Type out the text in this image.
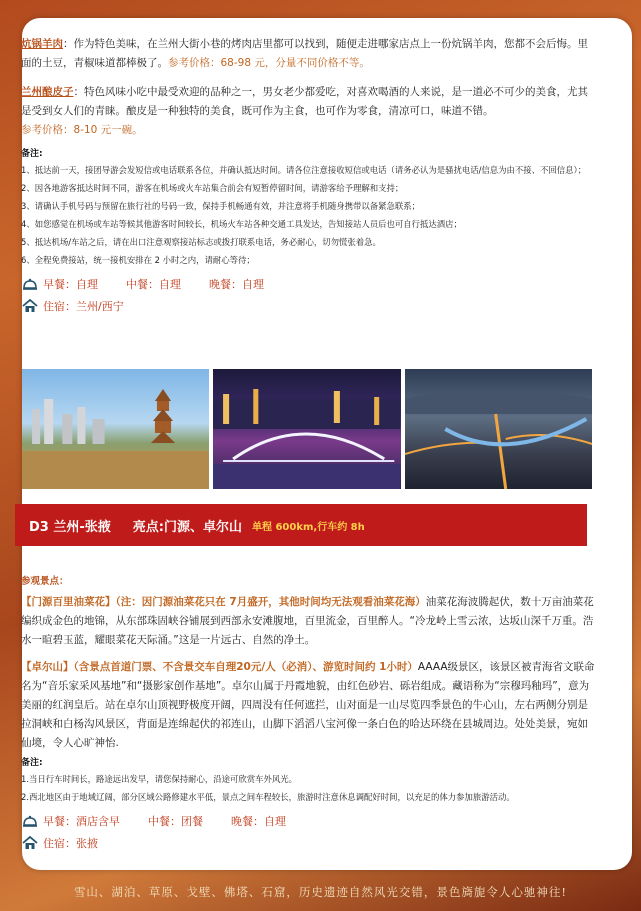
炕锅羊肉：作为特色美味，在兰州大街小巷的烤肉店里都可以找到，随便走进哪家店点上一份炕锅羊肉，您都不会后悔。里面的土豆，青椒味道都棒极了。参考价格：68-98 元，分量不同价格不等。

兰州酿皮子：特色风味小吃中最受欢迎的品种之一，男女老少都爱吃，对喜欢喝酒的人来说，是一道必不可少的美食，尤其是受到女人们的青睐。酿皮是一种独特的美食，既可作为主食，也可作为零食，清凉可口，味道不错。
参考价格：8-10 元一碗。

备注:
1、抵达前一天，接团导游会发短信或电话联系各位，并确认抵达时间。请各位注意接收短信或电话（请务必认为是骚扰电话/信息为由不接、不回信息）；
2、因各地游客抵达时间不同，游客在机场或火车站集合前会有短暂停留时间，请游客给予理解和支持；
3、请确认手机号码与预留在旅行社的号码一致，保持手机畅通有效，并注意将手机随身携带以备紧急联系；
4、如您感觉在机场或车站等候其他游客时间较长，机场火车站各种交通工具发达，告知接站人员后也可自行抵达酒店；
5、抵达机场/车站之后，请在出口注意观察接站标志或拨打联系电话，务必耐心，切勿慌张着急。
6、全程免费接站，统一接机安排在 2 小时之内，请耐心等待；
早餐：自理	中餐：自理	晚餐：自理
住宿：兰州/西宁
D3 兰州-张掖 亮点:门源、卓尔山 单程 600km,行车约 8h
参观景点：

【门源百里油菜花】（注：因门源油菜花只在 7月盛开，其他时间均无法观看油菜花海）油菜花海波腾起伏，数十万亩油菜花编织成金色的地锦，从东部珠固峡谷铺展到西部永安滩腹地，百里流金，百里醉人。“冷龙岭上雪云浓，达坂山深千万重。浩水一暄碧玉蓝，耀眼菜花天际涌。”这是一片远古、自然的净土。

【卓尔山】（含景点首道门票、不含景交车自理20元/人（必消）、游览时间约 1小时）AAAA级景区，该景区被青海省文联命名为“音乐家采风基地”和“摄影家创作基地”。卓尔山属于丹霞地貌，由红色砂岩、砾岩组成。藏语称为“宗穆玛釉玛”，意为美丽的红润皇后。站在卓尔山顶视野极度开阔，四周没有任何遮拦，山对面是一山尽览四季景色的牛心山，左右两侧分别是拉洞峡和白杨沟风景区，背面是连绵起伏的祁连山，山脚下滔滔八宝河像一条白色的哈达环绕在县城周边。处处美景，宛如仙境，令人心旷神怡.

备注:
1.当日行车时间长，路途远出发早，请您保持耐心，沿途可欣赏车外风光。
2.西北地区由于地域辽阔，部分区域公路修建水平低，景点之间车程较长，旅游时注意休息调配好时间，以充足的体力参加旅游活动。
早餐：酒店含早	中餐：团餐	晚餐：自理
住宿：张掖
雪山、湖泊、草原、戈壁、佛塔、石窟，历史遗迹自然风光交错，景色旖旎令人心驰神往!
